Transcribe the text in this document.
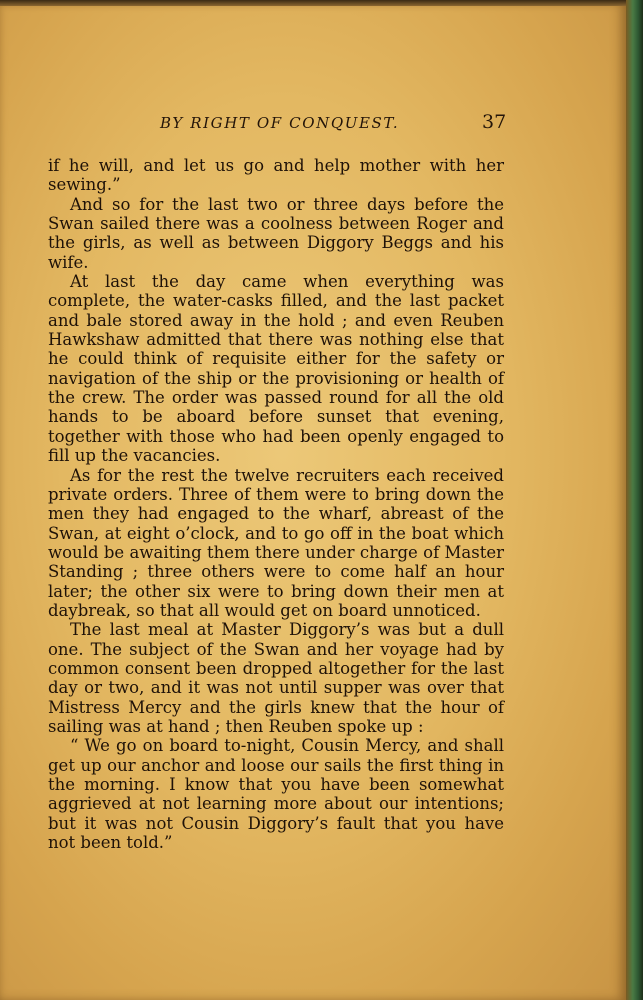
BY RIGHT OF CONQUEST.	37

if he will, and let us go and help mother with her sewing.”

And so for the last two or three days before the Swan sailed there was a coolness between Roger and the girls, as well as between Diggory Beggs and his wife.

At last the day came when everything was complete, the water-casks filled, and the last packet and bale stored away in the hold ; and even Reuben Hawkshaw admitted that there was nothing else that he could think of requisite either for the safety or navigation of the ship or the provisioning or health of the crew. The order was passed round for all the old hands to be aboard before sunset that evening, together with those who had been openly engaged to fill up the vacancies.

As for the rest the twelve recruiters each received private orders. Three of them were to bring down the men they had engaged to the wharf, abreast of the Swan, at eight o’clock, and to go off in the boat which would be awaiting them there under charge of Master Standing ; three others were to come half an hour later; the other six were to bring down their men at daybreak, so that all would get on board unnoticed.

The last meal at Master Diggory’s was but a dull one. The subject of the Swan and her voyage had by common consent been dropped altogether for the last day or two, and it was not until supper was over that Mistress Mercy and the girls knew that the hour of sailing was at hand ; then Reuben spoke up :

“ We go on board to-night, Cousin Mercy, and shall get up our anchor and loose our sails the first thing in the morning. I know that you have been somewhat aggrieved at not learning more about our intentions; but it was not Cousin Diggory’s fault that you have not been told.”
